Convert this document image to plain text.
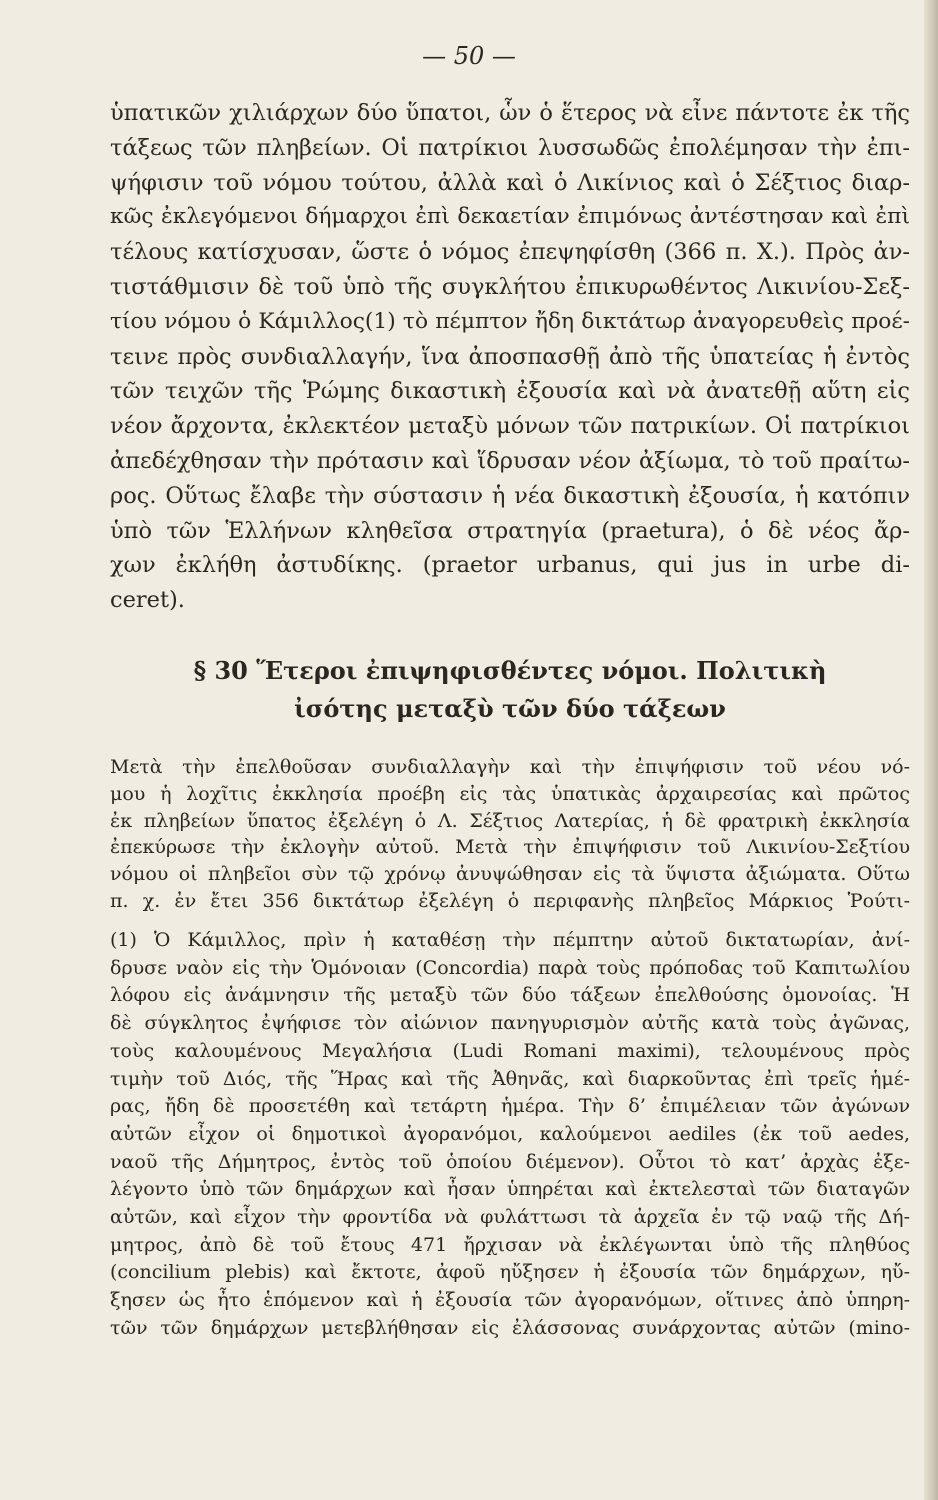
— 50 —
ὑπατικῶν χιλιάρχων δύο ὕπατοι, ὧν ὁ ἕτερος νὰ εἶνε πάντοτε ἐκ τῆς
τάξεως τῶν πληβείων. Οἱ πατρίκιοι λυσσωδῶς ἐπολέμησαν τὴν ἐπι-
ψήφισιν τοῦ νόμου τούτου, ἀλλὰ καὶ ὁ Λικίνιος καὶ ὁ Σέξτιος διαρ-
κῶς ἐκλεγόμενοι δήμαρχοι ἐπὶ δεκαετίαν ἐπιμόνως ἀντέστησαν καὶ ἐπὶ
τέλους κατίσχυσαν, ὥστε ὁ νόμος ἐπεψηφίσθη (366 π. Χ.). Πρὸς ἀν-
τιστάθμισιν δὲ τοῦ ὑπὸ τῆς συγκλήτου ἐπικυρωθέντος Λικινίου-Σεξ-
τίου νόμου ὁ Κάμιλλος(1) τὸ πέμπτον ἤδη δικτάτωρ ἀναγορευθεὶς προέ-
τεινε πρὸς συνδιαλλαγήν, ἵνα ἀποσπασθῇ ἀπὸ τῆς ὑπατείας ἡ ἐντὸς
τῶν τειχῶν τῆς Ῥώμης δικαστικὴ ἐξουσία καὶ νὰ ἀνατεθῇ αὕτη εἰς
νέον ἄρχοντα, ἐκλεκτέον μεταξὺ μόνων τῶν πατρικίων. Οἱ πατρίκιοι
ἀπεδέχθησαν τὴν πρότασιν καὶ ἵδρυσαν νέον ἀξίωμα, τὸ τοῦ πραίτω-
ρος. Οὕτως ἔλαβε τὴν σύστασιν ἡ νέα δικαστικὴ ἐξουσία, ἡ κατόπιν
ὑπὸ τῶν Ἑλλήνων κληθεῖσα στρατηγία (praetura), ὁ δὲ νέος ἄρ-
χων ἐκλήθη ἀστυδίκης. (praetor urbanus, qui jus in urbe di-
ceret).
§ 30 Ἕτεροι ἐπιψηφισθέντες νόμοι. Πολιτικὴ
ἰσότης μεταξὺ τῶν δύο τάξεων
Μετὰ τὴν ἐπελθοῦσαν συνδιαλλαγὴν καὶ τὴν ἐπιψήφισιν τοῦ νέου νό-
μου ἡ λοχῖτις ἐκκλησία προέβη εἰς τὰς ὑπατικὰς ἀρχαιρεσίας καὶ πρῶτος
ἐκ πληβείων ὕπατος ἐξελέγη ὁ Λ. Σέξτιος Λατερίας, ἡ δὲ φρατρικὴ ἐκκλησία
ἐπεκύρωσε τὴν ἐκλογὴν αὐτοῦ. Μετὰ τὴν ἐπιψήφισιν τοῦ Λικινίου-Σεξτίου
νόμου οἱ πληβεῖοι σὺν τῷ χρόνῳ ἀνυψώθησαν εἰς τὰ ὕψιστα ἀξιώματα. Οὕτω
π. χ. ἐν ἔτει 356 δικτάτωρ ἐξελέγη ὁ περιφανὴς πληβεῖος Μάρκιος Ῥούτι-
(1) Ὁ Κάμιλλος, πρὶν ἡ καταθέσῃ τὴν πέμπτην αὐτοῦ δικτατωρίαν, ἀνί-
δρυσε ναὸν εἰς τὴν Ὁμόνοιαν (Concordia) παρὰ τοὺς πρόποδας τοῦ Καπιτωλίου
λόφου εἰς ἀνάμνησιν τῆς μεταξὺ τῶν δύο τάξεων ἐπελθούσης ὁμονοίας. Ἡ
δὲ σύγκλητος ἐψήφισε τὸν αἰώνιον πανηγυρισμὸν αὐτῆς κατὰ τοὺς ἀγῶνας,
τοὺς καλουμένους Μεγαλήσια (Ludi Romani maximi), τελουμένους πρὸς
τιμὴν τοῦ Διός, τῆς Ἥρας καὶ τῆς Ἀθηνᾶς, καὶ διαρκοῦντας ἐπὶ τρεῖς ἡμέ-
ρας, ἤδη δὲ προσετέθη καὶ τετάρτη ἡμέρα. Τὴν δ’ ἐπιμέλειαν τῶν ἀγώνων
αὐτῶν εἶχον οἱ δημοτικοὶ ἀγορανόμοι, καλούμενοι aediles (ἐκ τοῦ aedes,
ναοῦ τῆς Δήμητρος, ἐντὸς τοῦ ὁποίου διέμενον). Οὗτοι τὸ κατ’ ἀρχὰς ἐξε-
λέγοντο ὑπὸ τῶν δημάρχων καὶ ἦσαν ὑπηρέται καὶ ἐκτελεσταὶ τῶν διαταγῶν
αὐτῶν, καὶ εἶχον τὴν φροντίδα νὰ φυλάττωσι τὰ ἀρχεῖα ἐν τῷ ναῷ τῆς Δή-
μητρος, ἀπὸ δὲ τοῦ ἔτους 471 ἤρχισαν νὰ ἐκλέγωνται ὑπὸ τῆς πληθύος
(concilium plebis) καὶ ἔκτοτε, ἀφοῦ ηὔξησεν ἡ ἐξουσία τῶν δημάρχων, ηὔ-
ξησεν ὡς ἦτο ἑπόμενον καὶ ἡ ἐξουσία τῶν ἀγορανόμων, οἵτινες ἀπὸ ὑπηρη-
τῶν τῶν δημάρχων μετεβλήθησαν εἰς ἐλάσσονας συνάρχοντας αὐτῶν (mino-
